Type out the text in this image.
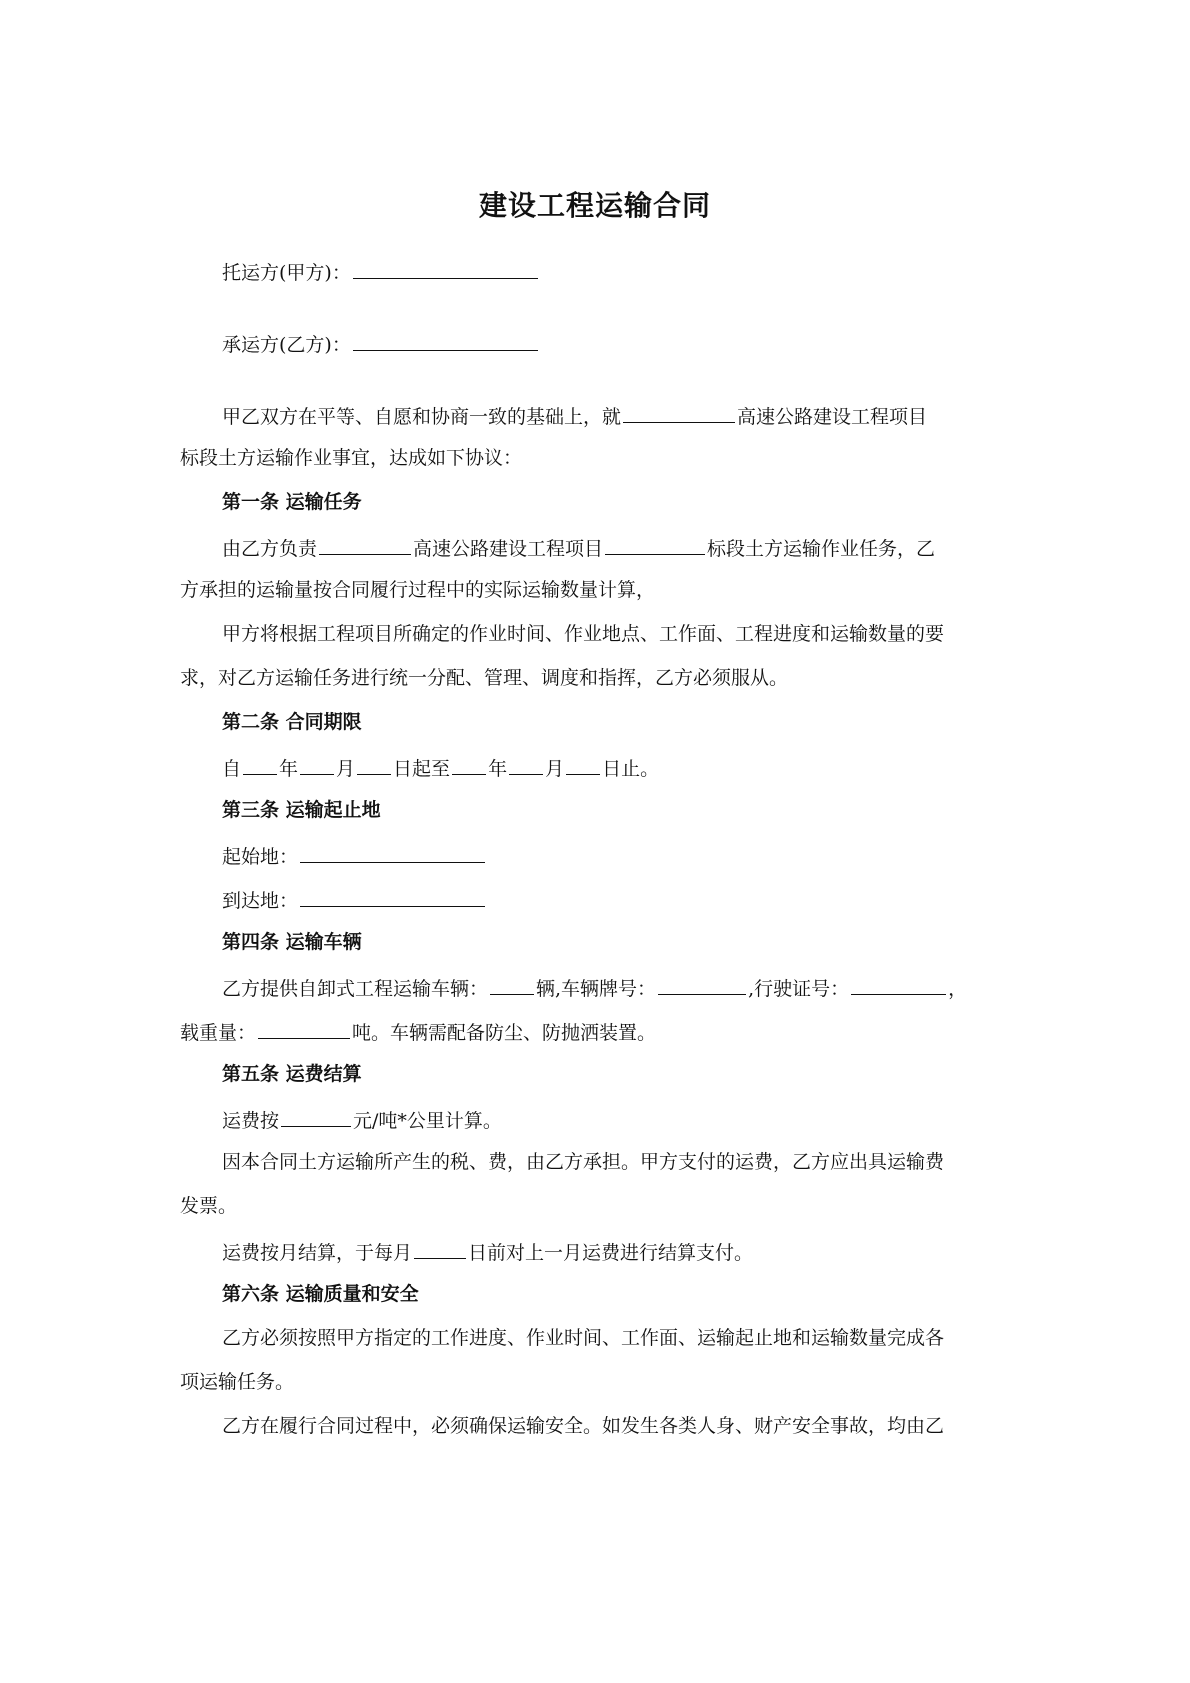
建设工程运输合同
托运方(甲方)：
承运方(乙方)：
甲乙双方在平等、自愿和协商一致的基础上，就	高速公路建设工程项目
标段土方运输作业事宜，达成如下协议：
第一条 运输任务
由乙方负责	高速公路建设工程项目	标段土方运输作业任务，乙
方承担的运输量按合同履行过程中的实际运输数量计算，
甲方将根据工程项目所确定的作业时间、作业地点、工作面、工程进度和运输数量的要
求，对乙方运输任务进行统一分配、管理、调度和指挥，乙方必须服从。
第二条 合同期限
自 年 月 日起至 年 月 日止。
第三条 运输起止地
起始地：
到达地：
第四条 运输车辆
乙方提供自卸式工程运输车辆：	辆,车辆牌号：	,行驶证号：	，
载重量：	吨。车辆需配备防尘、防抛洒装置。
第五条 运费结算
运费按	元/吨*公里计算。
因本合同土方运输所产生的税、费，由乙方承担。甲方支付的运费，乙方应出具运输费
发票。
运费按月结算，于每月	日前对上一月运费进行结算支付。
第六条 运输质量和安全
乙方必须按照甲方指定的工作进度、作业时间、工作面、运输起止地和运输数量完成各
项运输任务。
乙方在履行合同过程中，必须确保运输安全。如发生各类人身、财产安全事故，均由乙
